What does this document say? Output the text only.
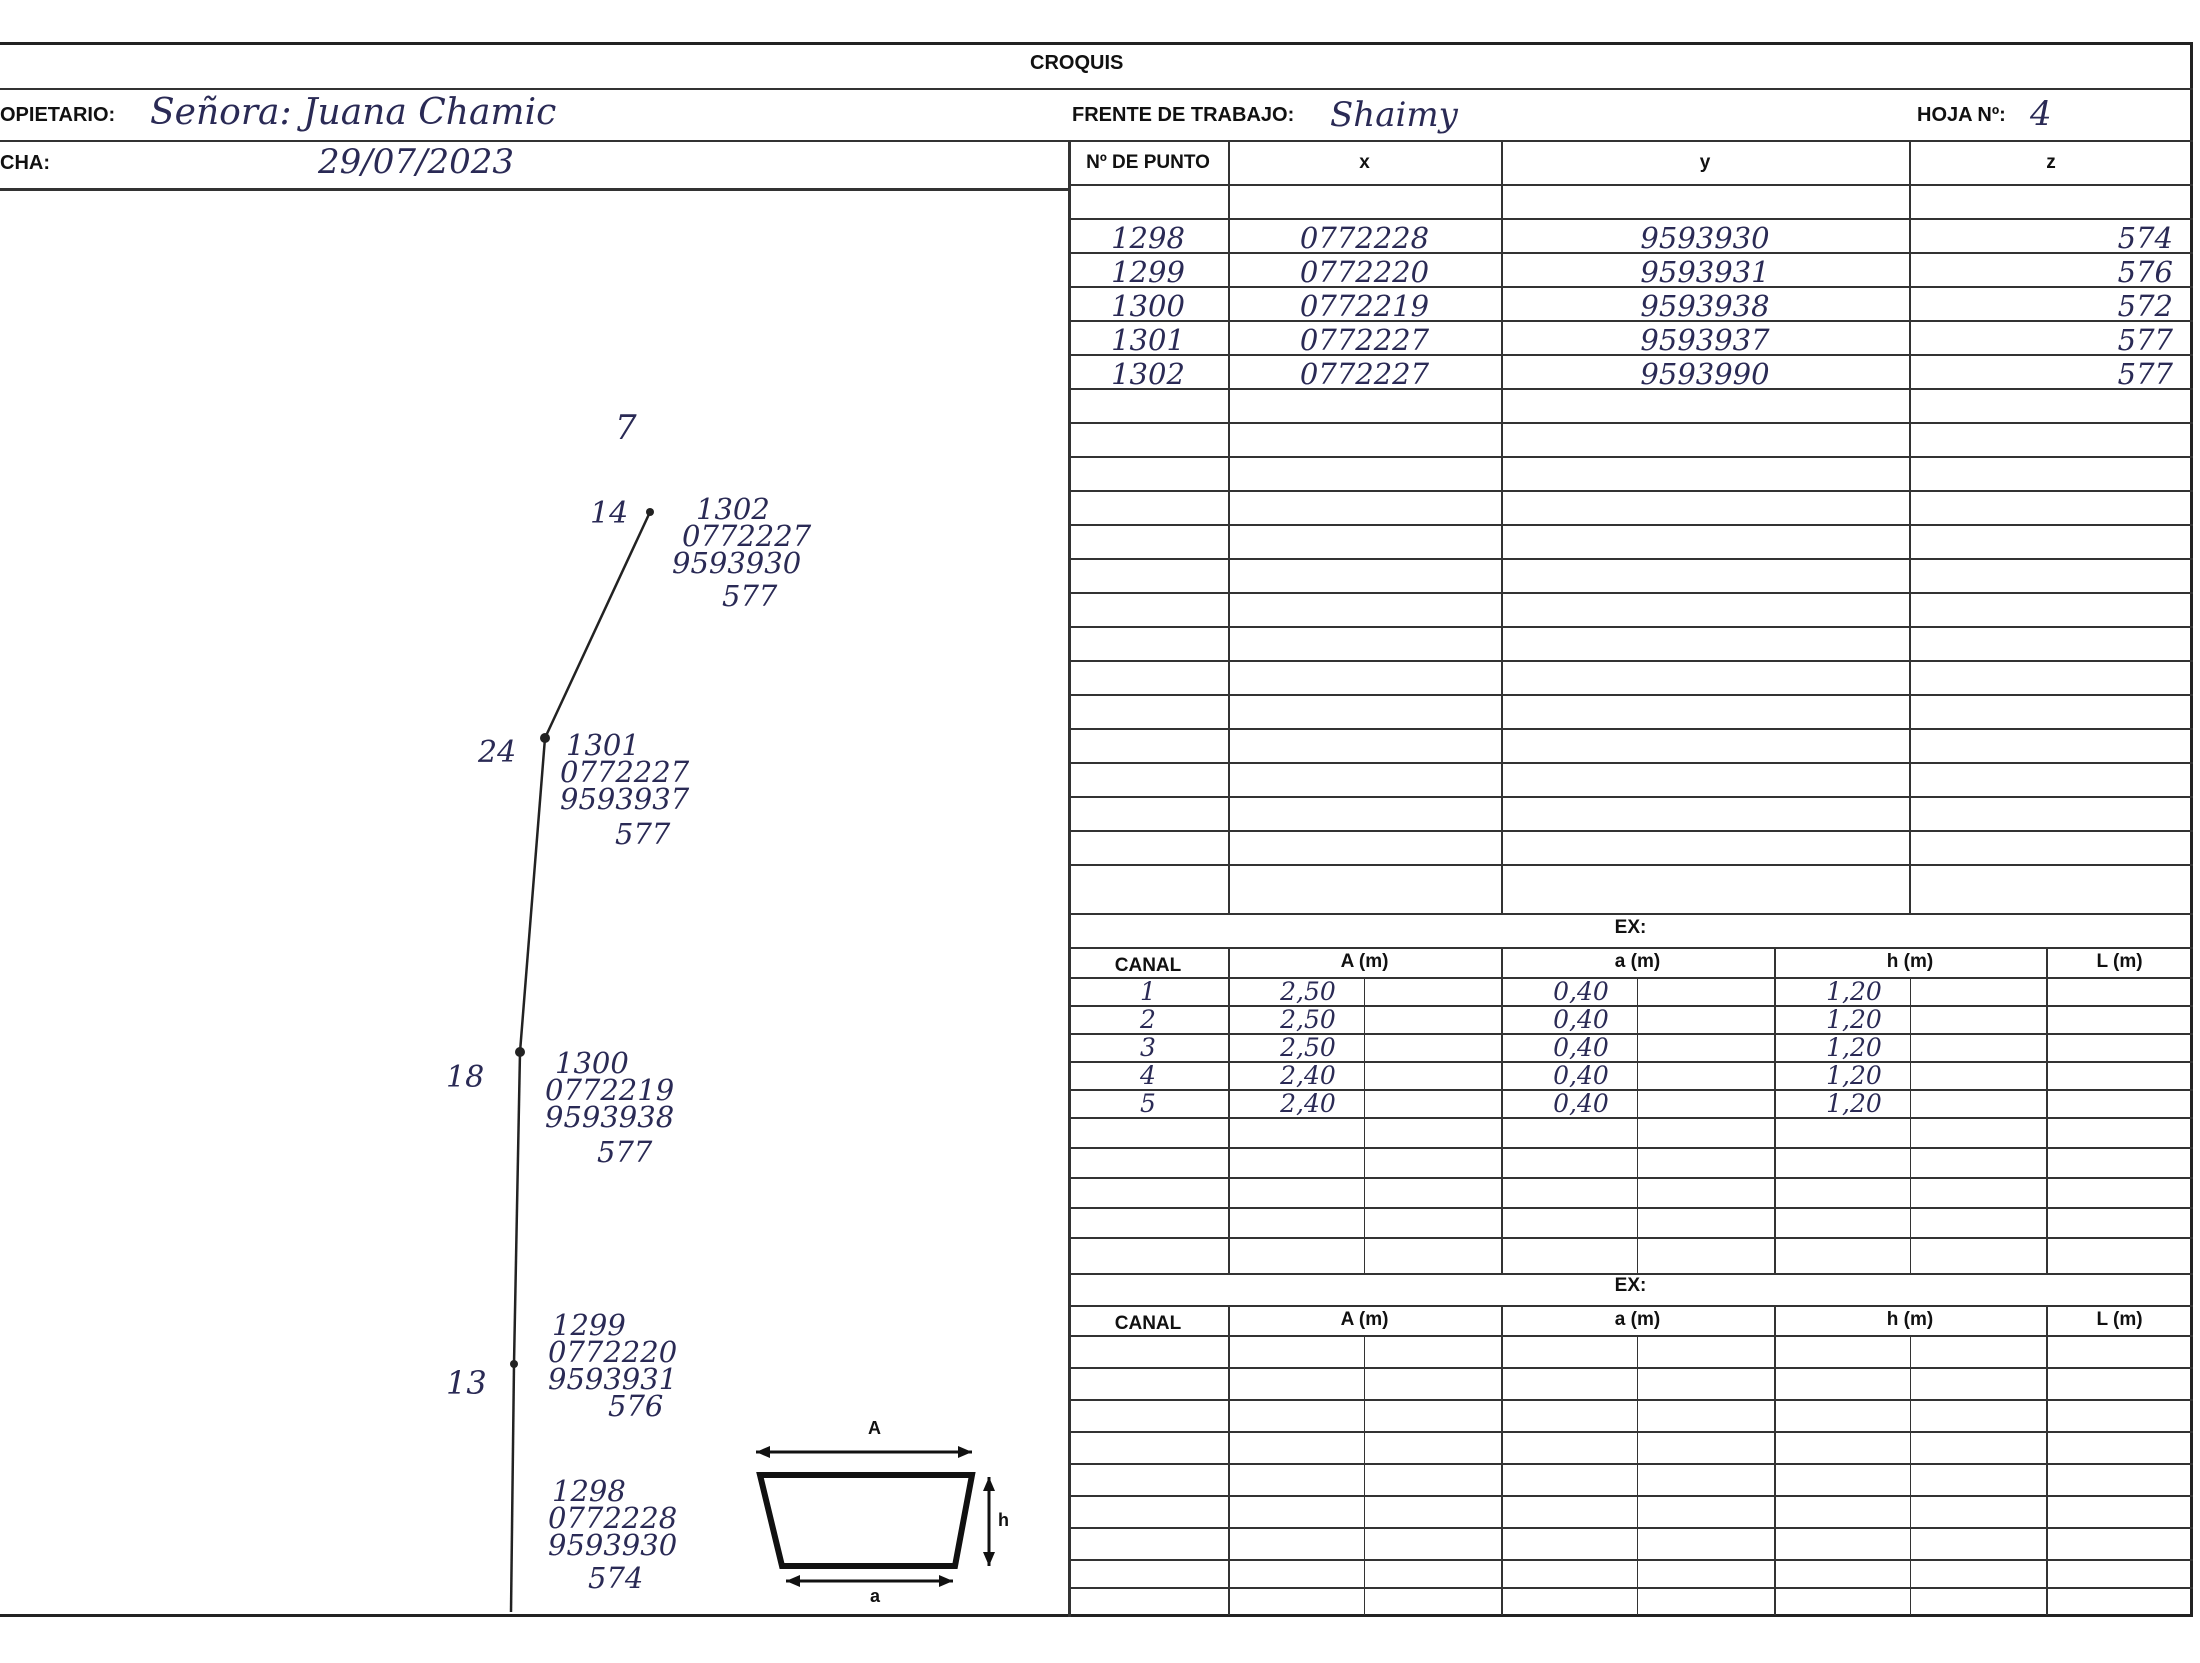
CROQUIS
OPIETARIO: Señora: Juana Chamic	FRENTE DE TRABAJO: Shaimy	HOJA Nº: 4
CHA:	29/07/2023	Nº DE PUNTO	x	y	z
1298	0772228	9593930	574
1299	0772220	9593931	576
1300	0772219	9593938	572
1301	0772227	9593937	577
1302	0772227	9593990	577
EX:
CANAL	A (m)	a (m)	h (m)	L (m)
1	2,50	0,40	1,20
2	2,50	0,40	1,20
3	2,50	0,40	1,20
4	2,40	0,40	1,20
5	2,40	0,40	1,20
EX:
CANAL	A (m)	a (m)	h (m)	L (m)
A
a
h
7
14 1302
0772227
9593930
577
24 1301
0772227
9593937
577
18 1300
0772219
9593938
577
13
1299
0772220
9593931
576
1298
0772228
9593930
574
